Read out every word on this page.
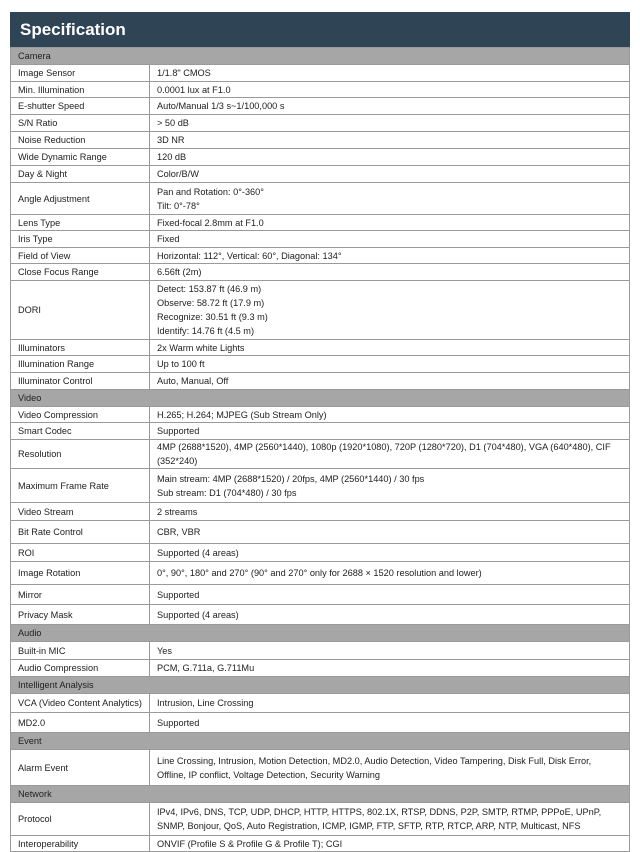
Specification
Camera	
Image Sensor	1/1.8" CMOS

Min. Illumination	0.0001 lux at F1.0

E-shutter Speed	Auto/Manual 1/3 s~1/100,000 s

S/N Ratio	> 50 dB

Noise Reduction	3D NR

Wide Dynamic Range	120 dB

Day & Night	Color/B/W

Angle Adjustment	Pan and Rotation: 0°-360°
Tilt: 0°-78°

Lens Type	Fixed-focal 2.8mm at F1.0

Iris Type	Fixed

Field of View	Horizontal: 112°, Vertical: 60°, Diagonal: 134°

Close Focus Range	6.56ft (2m)

DORI	Detect: 153.87 ft (46.9 m)
Observe: 58.72 ft (17.9 m)
Recognize: 30.51 ft (9.3 m)
Identify: 14.76 ft (4.5 m)

Illuminators	2x Warm white Lights

Illumination Range	Up to 100 ft

Illuminator Control	Auto, Manual, Off

Video	
Video Compression	H.265; H.264; MJPEG (Sub Stream Only)

Smart Codec	Supported

Resolution	4MP (2688*1520), 4MP (2560*1440), 1080p (1920*1080), 720P (1280*720), D1 (704*480), VGA (640*480), CIF (352*240)

Maximum Frame Rate	Main stream: 4MP (2688*1520) / 20fps, 4MP (2560*1440) / 30 fps
Sub stream: D1 (704*480) / 30 fps

Video Stream	2 streams

Bit Rate Control	CBR, VBR

ROI	Supported (4 areas)

Image Rotation	0°, 90°, 180° and 270° (90° and 270° only for 2688 × 1520 resolution and lower)

Mirror	Supported

Privacy Mask	Supported (4 areas)

Audio	
Built-in MIC	Yes

Audio Compression	PCM, G.711a, G.711Mu

Intelligent Analysis	
VCA (Video Content Analytics)	Intrusion, Line Crossing

MD2.0	Supported

Event	
Alarm Event	Line Crossing, Intrusion, Motion Detection, MD2.0, Audio Detection, Video Tampering, Disk Full, Disk Error, Offline, IP conflict, Voltage Detection, Security Warning

Network	
Protocol	IPv4, IPv6, DNS, TCP, UDP, DHCP, HTTP, HTTPS, 802.1X, RTSP, DDNS, P2P, SMTP, RTMP, PPPoE, UPnP, SNMP, Bonjour, QoS, Auto Registration, ICMP, IGMP, FTP, SFTP, RTP, RTCP, ARP, NTP, Multicast, NFS

Interoperability	ONVIF (Profile S & Profile G & Profile T); CGI
